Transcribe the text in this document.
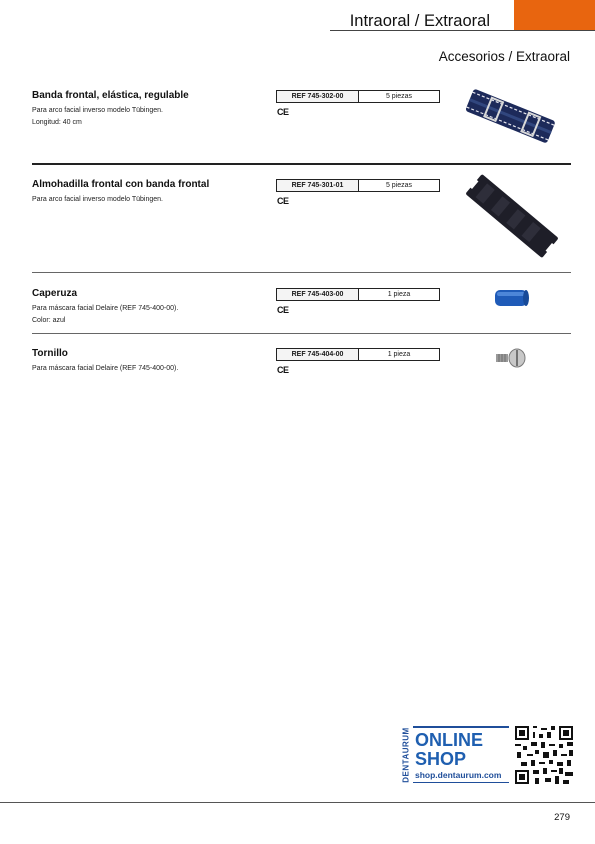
Intraoral / Extraoral
Accesorios / Extraoral
Banda frontal, elástica, regulable
Para arco facial inverso modelo Tübingen.
Longitud: 40 cm
REF 745-302-00	5 piezas
CE
Almohadilla frontal con banda frontal
Para arco facial inverso modelo Tübingen.
REF 745-301-01	5 piezas
CE
Caperuza
Para máscara facial Delaire (REF 745-400-00).
Color: azul
REF 745-403-00	1 pieza
CE
Tornillo
Para máscara facial Delaire (REF 745-400-00).
REF 745-404-00	1 pieza
CE
DENTAURUM ONLINE
SHOP
shop.dentaurum.com
279
